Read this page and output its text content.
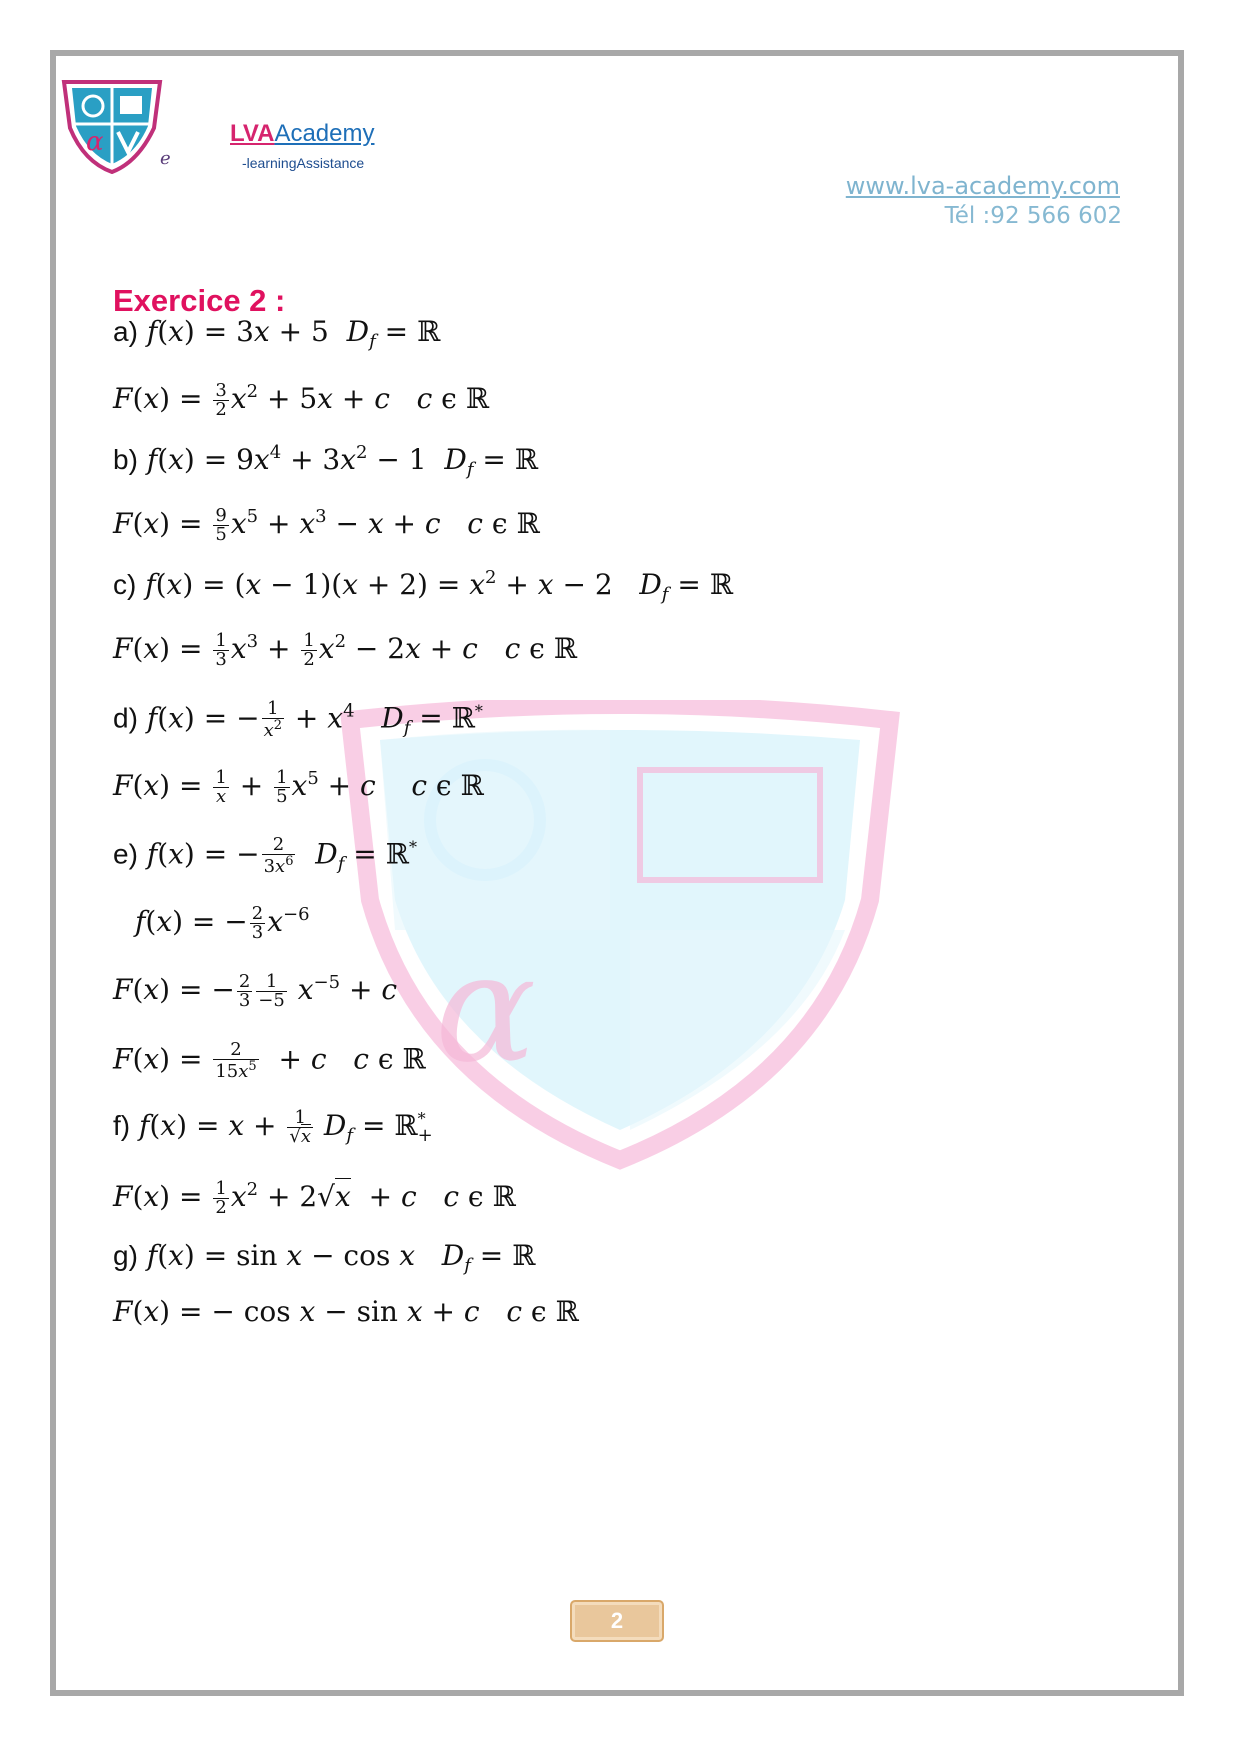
α
e
LVAAcademy
-learningAssistance
www.lva-academy.com
Tél :92 566 602
α
Exercice 2 :
a) f(x) = 3x + 5  $D_f$ = ℝ
$F(x) = \frac{3}{2} x^2 + 5x + c$ c ϵ ℝ
b) $f(x) = 9x^4 + 3x^2 - 1$  $D_f$ = ℝ
$F(x) = \frac{9}{5} x^5 + x^3 - x + c$ c ϵ ℝ
c) $f(x) = (x - 1)(x + 2) = x^2 + x - 2$   $D_f$ = ℝ
$F(x) = \frac{1}{3} x^3 + \frac{1}{2} x^2 - 2x + c$ c ϵ ℝ
d) f(x) = − $\frac{1}{x^2} + x^4$ $D_f$ = ℝ*
$F(x) = \frac{1}{x} + \frac{1}{5} x^5 + c$ c ϵ ℝ
e) f(x) = − $\frac{2}{3x^6} D_f$ = ℝ*
f(x) = − $\frac{2}{3} x^{-6}$
F(x) = − $\frac{2}{3} \frac{1}{-5} x^{-5} + c$
$F(x) = \frac{2}{15x^5} + c$ c ϵ ℝ
f) $f(x) = x + \frac{1}{√x} D_f$ = ℝ*$_+$
$F(x) = \frac{1}{2} x^2 + 2√x + c$ c ϵ ℝ
g) f(x) = sin x − cos x $D_f$ = ℝ
F(x) = − cos x − sin x + c c ϵ ℝ
2
